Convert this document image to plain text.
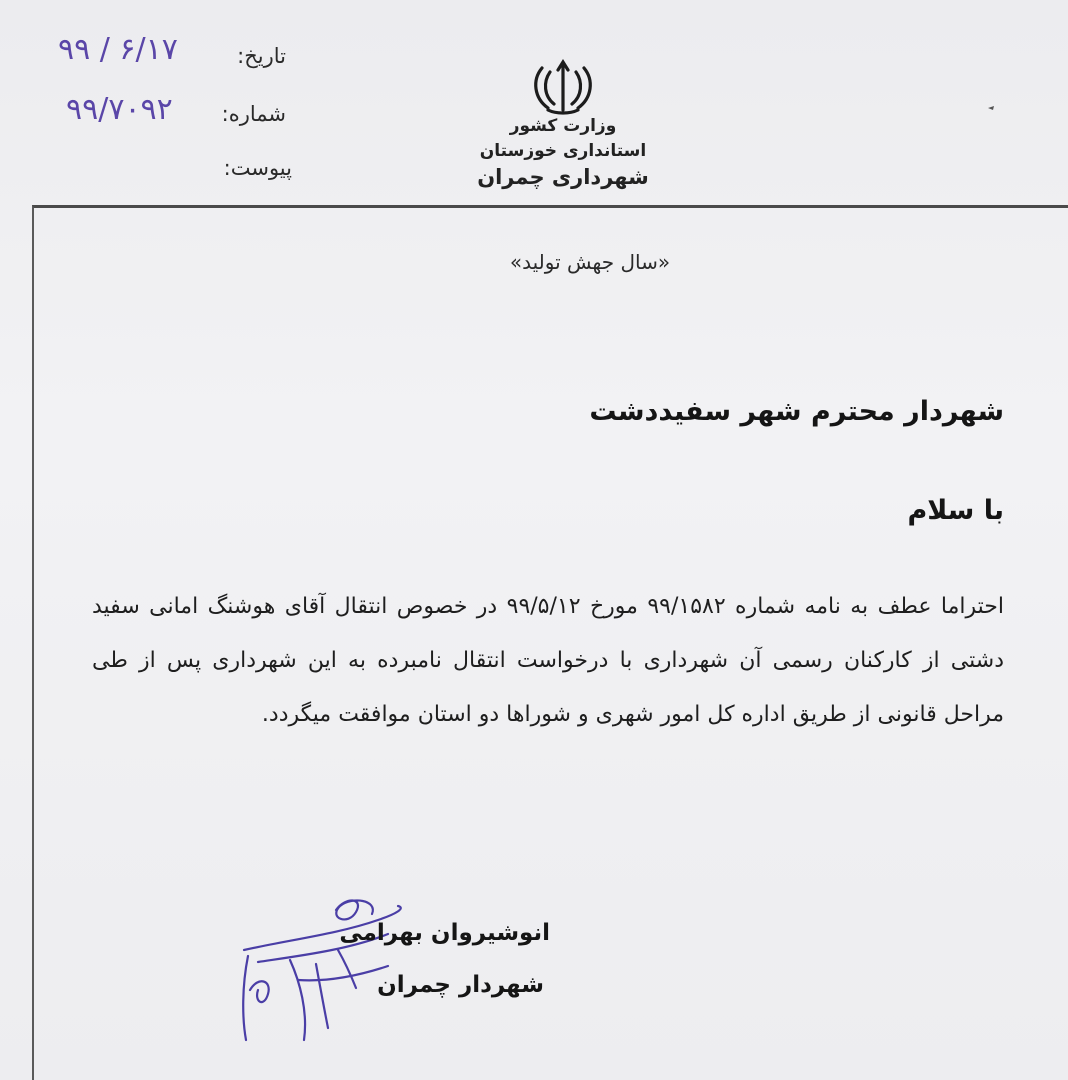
تاریخ:
۹۹ / ۶/۱۷
شماره:
۹۹/۷۰۹۲
پیوست:
وزارت کشور
استانداری خوزستان
شهرداری چمران
«سال جهش تولید»
شهردار محترم شهر سفیددشت
با سلام
احتراما عطف به نامه شماره ۹۹/۱۵۸۲ مورخ ۹۹/۵/۱۲ در خصوص انتقال آقای هوشنگ امانی سفید دشتی از کارکنان رسمی آن شهرداری با درخواست انتقال نامبرده به این شهرداری پس از طی مراحل قانونی از طریق اداره کل امور شهری و شوراها دو استان موافقت میگردد.
انوشیروان بهرامی
شهردار چمران
